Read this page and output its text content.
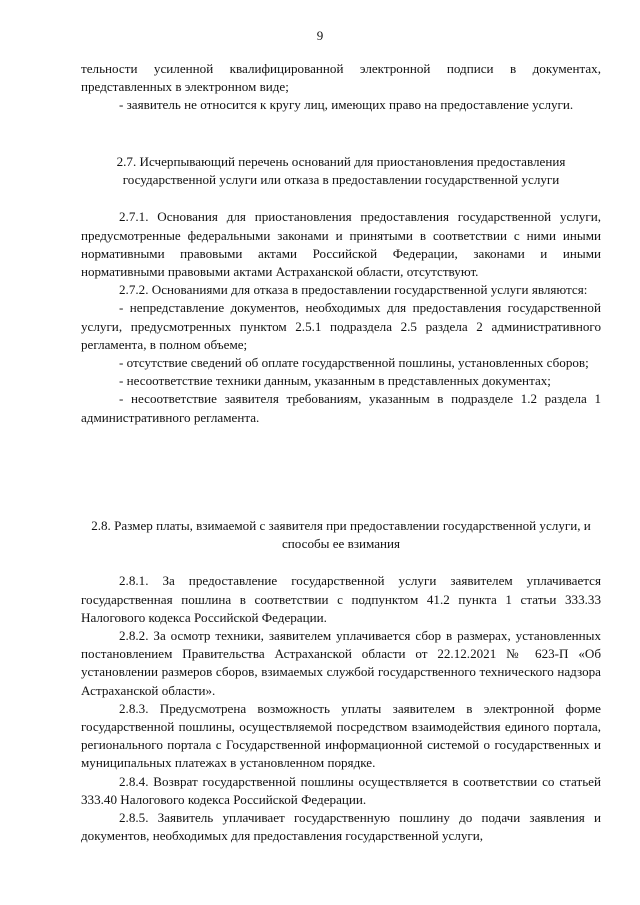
9

тельности усиленной квалифицированной электронной подписи в документах, представленных в электронном виде;

- заявитель не относится к кругу лиц, имеющих право на предоставление услуги.

2.7. Исчерпывающий перечень оснований для приостановления предоставления государственной услуги или отказа в предоставлении государственной услуги

2.7.1. Основания для приостановления предоставления государственной услуги, предусмотренные федеральными законами и принятыми в соответствии с ними иными нормативными правовыми актами Российской Федерации, законами и иными нормативными правовыми актами Астраханской области, отсутствуют.

2.7.2. Основаниями для отказа в предоставлении государственной услуги являются:

- непредставление документов, необходимых для предоставления государственной услуги, предусмотренных пунктом 2.5.1 подраздела 2.5 раздела 2 административного регламента, в полном объеме;

- отсутствие сведений об оплате государственной пошлины, установленных сборов;

- несоответствие техники данным, указанным в представленных документах;

- несоответствие заявителя требованиям, указанным в подразделе 1.2 раздела 1 административного регламента.

2.8. Размер платы, взимаемой с заявителя при предоставлении государственной услуги, и способы ее взимания

2.8.1. За предоставление государственной услуги заявителем уплачивается государственная пошлина в соответствии с подпунктом 41.2 пункта 1 статьи 333.33 Налогового кодекса Российской Федерации.

2.8.2. За осмотр техники, заявителем уплачивается сбор в размерах, установленных постановлением Правительства Астраханской области от 22.12.2021 № 623-П «Об установлении размеров сборов, взимаемых службой государственного технического надзора Астраханской области».

2.8.3. Предусмотрена возможность уплаты заявителем в электронной форме государственной пошлины, осуществляемой посредством взаимодействия единого портала, регионального портала с Государственной информационной системой о государственных и муниципальных платежах в установленном порядке.

2.8.4. Возврат государственной пошлины осуществляется в соответствии со статьей 333.40 Налогового кодекса Российской Федерации.

2.8.5. Заявитель уплачивает государственную пошлину до подачи заявления и документов, необходимых для предоставления государственной услуги,
